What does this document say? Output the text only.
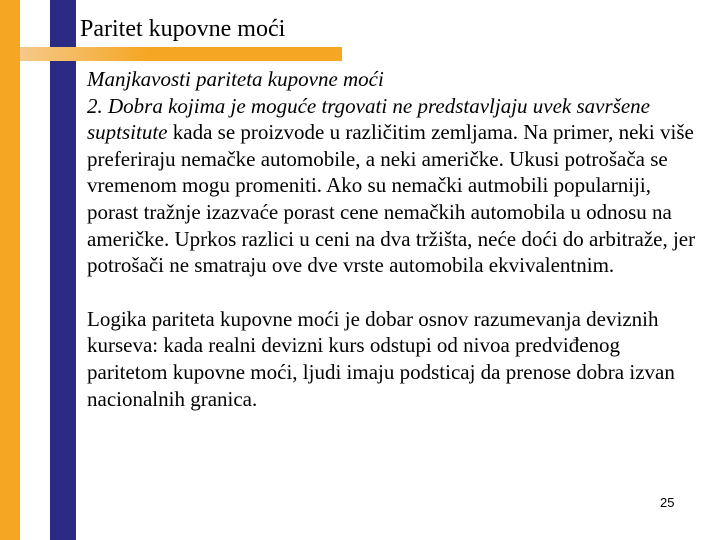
Paritet kupovne moći

Manjkavosti pariteta kupovne moći

2. Dobra kojima je moguće trgovati ne predstavljaju uvek savršene suptsitute kada se proizvode u različitim zemljama. Na primer, neki više preferiraju nemačke automobile, a neki američke. Ukusi potrošača se vremenom mogu promeniti. Ako su nemački autmobili popularniji, porast tražnje izazvaće porast cene nemačkih automobila u odnosu na američke. Uprkos razlici u ceni na dva tržišta, neće doći do arbitraže, jer potrošači ne smatraju ove dve vrste automobila ekvivalentnim.

Logika pariteta kupovne moći je dobar osnov razumevanja deviznih kurseva: kada realni devizni kurs odstupi od nivoa predviđenog paritetom kupovne moći, ljudi imaju podsticaj da prenose dobra izvan nacionalnih granica.

25
